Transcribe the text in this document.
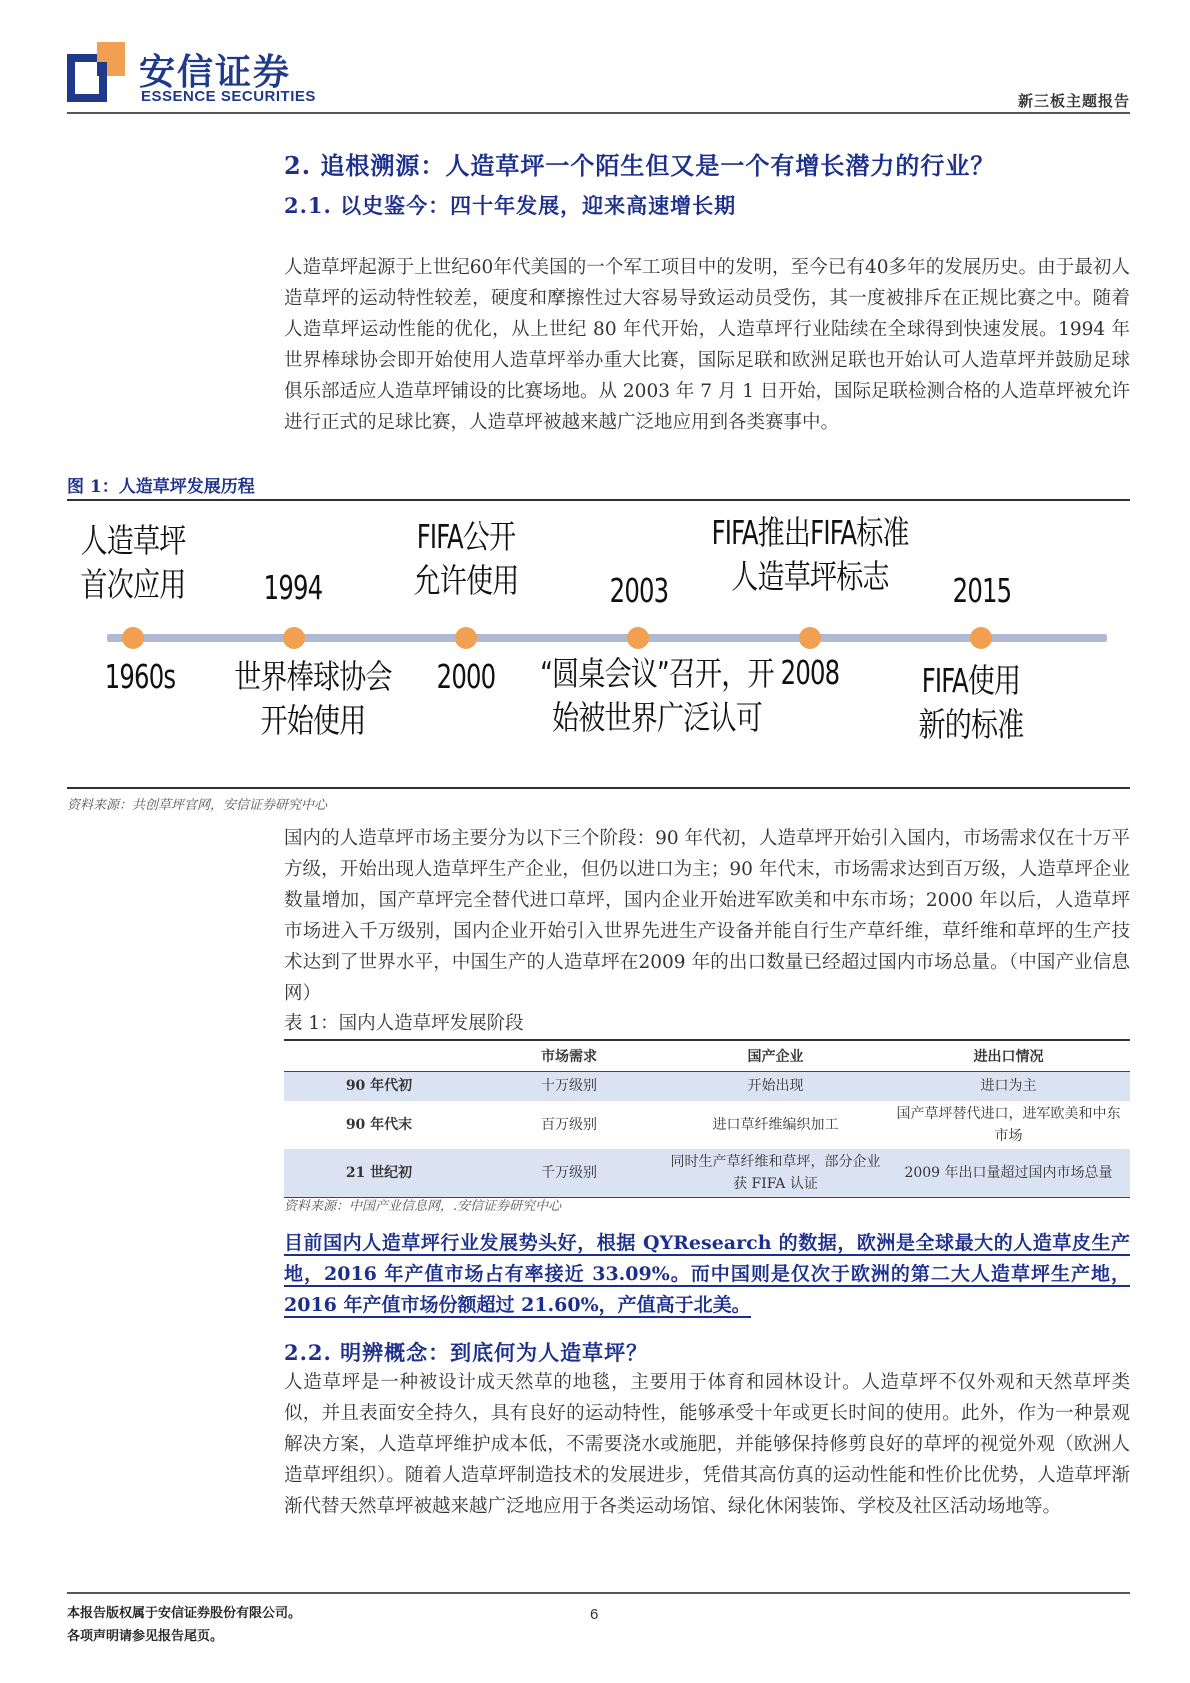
安信证券
ESSENCE SECURITIES	新三板主题报告
2. 追根溯源：人造草坪一个陌生但又是一个有增长潜力的行业？
2.1. 以史鉴今：四十年发展，迎来高速增长期
人造草坪起源于上世纪60年代美国的一个军工项目中的发明，至今已有40多年的发展历史。由于最初人造草坪的运动特性较差，硬度和摩擦性过大容易导致运动员受伤，其一度被排斥在正规比赛之中。随着人造草坪运动性能的优化，从上世纪 80 年代开始，人造草坪行业陆续在全球得到快速发展。1994 年世界棒球协会即开始使用人造草坪举办重大比赛，国际足联和欧洲足联也开始认可人造草坪并鼓励足球俱乐部适应人造草坪铺设的比赛场地。从 2003 年 7 月 1 日开始，国际足联检测合格的人造草坪被允许进行正式的足球比赛，人造草坪被越来越广泛地应用到各类赛事中。
图 1：人造草坪发展历程
人造草坪
首次应用	1994
FIFA公开
允许使用	2003
FIFA推出FIFA标准
人造草坪标志	2015
1960s	世界棒球协会
开始使用
2000	“圆桌会议”召开，开
始被世界广泛认可
2008	FIFA使用
新的标准
资料来源：共创草坪官网，安信证券研究中心
国内的人造草坪市场主要分为以下三个阶段：90 年代初，人造草坪开始引入国内，市场需求仅在十万平方级，开始出现人造草坪生产企业，但仍以进口为主；90 年代末，市场需求达到百万级，人造草坪企业数量增加，国产草坪完全替代进口草坪，国内企业开始进军欧美和中东市场；2000 年以后，人造草坪市场进入千万级别，国内企业开始引入世界先进生产设备并能自行生产草纤维，草纤维和草坪的生产技术达到了世界水平，中国生产的人造草坪在2009 年的出口数量已经超过国内市场总量。（中国产业信息网）
表 1：国内人造草坪发展阶段
	市场需求	国产企业	进出口情况
90 年代初	十万级别	开始出现	进口为主
90 年代末	百万级别	进口草纤维编织加工	国产草坪替代进口，进军欧美和中东市场
21 世纪初	千万级别	同时生产草纤维和草坪，部分企业获 FIFA 认证	2009 年出口量超过国内市场总量
资料来源：中国产业信息网，.安信证券研究中心
目前国内人造草坪行业发展势头好，根据 QYResearch 的数据，欧洲是全球最大的人造草皮生产地，2016 年产值市场占有率接近 33.09%。而中国则是仅次于欧洲的第二大人造草坪生产地，2016 年产值市场份额超过 21.60%，产值高于北美。
2.2. 明辨概念：到底何为人造草坪？
人造草坪是一种被设计成天然草的地毯，主要用于体育和园林设计。人造草坪不仅外观和天然草坪类似，并且表面安全持久，具有良好的运动特性，能够承受十年或更长时间的使用。此外，作为一种景观解决方案，人造草坪维护成本低，不需要浇水或施肥，并能够保持修剪良好的草坪的视觉外观（欧洲人造草坪组织）。随着人造草坪制造技术的发展进步，凭借其高仿真的运动性能和性价比优势，人造草坪渐渐代替天然草坪被越来越广泛地应用于各类运动场馆、绿化休闲装饰、学校及社区活动场地等。
本报告版权属于安信证券股份有限公司。
各项声明请参见报告尾页。
6
